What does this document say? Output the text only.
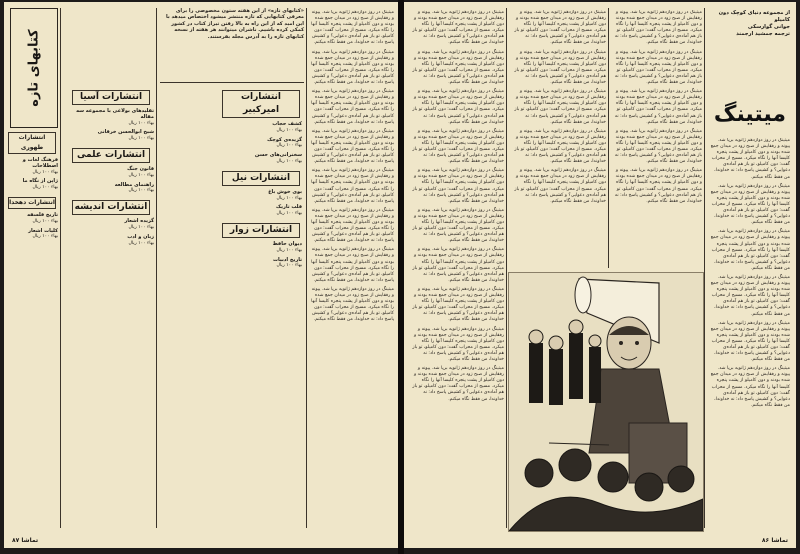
کتابهای تازه
«کتابهای تازه» از این هفته ستون مخصوصی را برای معرفی کتابهایی که تازه منتشر میشود اختصاص میدهد با این امید که از این راه به بالا رفتن تیراژ کتاب در کشور کمکی کرده باشیم. ناشران میتوانند هر هفته از نسخه کتابهای تازه را به آدرس مجله بفرستند.

میتینگ در روز دوازدهم ژانویه برپا شد. پپونه و رفقایش از صبح زود در میدان جمع شده بودند و دون کامیلو از پشت پنجره کلیسا آنها را نگاه میکرد. مسیح از محراب گفت: دون کامیلو، تو باز هم آماده‌ی دعوایی؟ و کشیش پاسخ داد: نه خداوندا، من فقط نگاه میکنم.

میتینگ در روز دوازدهم ژانویه برپا شد. پپونه و رفقایش از صبح زود در میدان جمع شده بودند و دون کامیلو از پشت پنجره کلیسا آنها را نگاه میکرد. مسیح از محراب گفت: دون کامیلو، تو باز هم آماده‌ی دعوایی؟ و کشیش پاسخ داد: نه خداوندا، من فقط نگاه میکنم.

میتینگ در روز دوازدهم ژانویه برپا شد. پپونه و رفقایش از صبح زود در میدان جمع شده بودند و دون کامیلو از پشت پنجره کلیسا آنها را نگاه میکرد. مسیح از محراب گفت: دون کامیلو، تو باز هم آماده‌ی دعوایی؟ و کشیش پاسخ داد: نه خداوندا، من فقط نگاه میکنم.

میتینگ در روز دوازدهم ژانویه برپا شد. پپونه و رفقایش از صبح زود در میدان جمع شده بودند و دون کامیلو از پشت پنجره کلیسا آنها را نگاه میکرد. مسیح از محراب گفت: دون کامیلو، تو باز هم آماده‌ی دعوایی؟ و کشیش پاسخ داد: نه خداوندا، من فقط نگاه میکنم.

میتینگ در روز دوازدهم ژانویه برپا شد. پپونه و رفقایش از صبح زود در میدان جمع شده بودند و دون کامیلو از پشت پنجره کلیسا آنها را نگاه میکرد. مسیح از محراب گفت: دون کامیلو، تو باز هم آماده‌ی دعوایی؟ و کشیش پاسخ داد: نه خداوندا، من فقط نگاه میکنم.

میتینگ در روز دوازدهم ژانویه برپا شد. پپونه و رفقایش از صبح زود در میدان جمع شده بودند و دون کامیلو از پشت پنجره کلیسا آنها را نگاه میکرد. مسیح از محراب گفت: دون کامیلو، تو باز هم آماده‌ی دعوایی؟ و کشیش پاسخ داد: نه خداوندا، من فقط نگاه میکنم.

میتینگ در روز دوازدهم ژانویه برپا شد. پپونه و رفقایش از صبح زود در میدان جمع شده بودند و دون کامیلو از پشت پنجره کلیسا آنها را نگاه میکرد. مسیح از محراب گفت: دون کامیلو، تو باز هم آماده‌ی دعوایی؟ و کشیش پاسخ داد: نه خداوندا، من فقط نگاه میکنم.

میتینگ در روز دوازدهم ژانویه برپا شد. پپونه و رفقایش از صبح زود در میدان جمع شده بودند و دون کامیلو از پشت پنجره کلیسا آنها را نگاه میکرد. مسیح از محراب گفت: دون کامیلو، تو باز هم آماده‌ی دعوایی؟ و کشیش پاسخ داد: نه خداوندا، من فقط نگاه میکنم.

انتشارات امیرکبیر
کشف حجاب
بهاء ۱۰۰ ریال
گزیده‌ی کوچک
بهاء ۱۰۰ ریال
سخنرانی‌های حسن
بهاء ۱۰۰ ریال
انتشارات نیل
بوی خوش باغ
بهاء ۱۰۰ ریال
قلب تاریک
بهاء ۱۰۰ ریال
انتشارات زوار
دیوان حافظ
بهاء ۱۰۰ ریال
تاریخ ادبیات
بهاء ۱۰۰ ریال
انتشارات آسیا
تقلیدهای بولاغی با مجموعه سه مقاله
بهاء ۱۰۰ ریال
شیخ ابوالحسن خرقانی
بهاء ۱۰۰ ریال
انتشارات علمی
قانون جنگ
بهاء ۱۰۰ ریال
راهنمای مطالعه
بهاء ۱۰۰ ریال
انتشارات اندیشه
گزیده اشعار
بهاء ۱۰۰ ریال
زبان و ادب
بهاء ۱۰۰ ریال
انتشارات طهوری
فرهنگ لغات و اصطلاحات
بهاء ۱۰۰ ریال
ژاپن از نگاه ما
بهاء ۱۰۰ ریال
انتشارات دهخدا
تاریخ فلسفه
بهاء ۱۰۰ ریال
کلیات اشعار
بهاء ۱۰۰ ریال
تماشا ۸۷
از مجموعه دنیای کوچک دون کامیلو
جوانی گوارسکی
ترجمه جمشید ارجمند
میتینگ

میتینگ در روز دوازدهم ژانویه برپا شد. پپونه و رفقایش از صبح زود در میدان جمع شده بودند و دون کامیلو از پشت پنجره کلیسا آنها را نگاه میکرد. مسیح از محراب گفت: دون کامیلو، تو باز هم آماده‌ی دعوایی؟ و کشیش پاسخ داد: نه خداوندا، من فقط نگاه میکنم.

میتینگ در روز دوازدهم ژانویه برپا شد. پپونه و رفقایش از صبح زود در میدان جمع شده بودند و دون کامیلو از پشت پنجره کلیسا آنها را نگاه میکرد. مسیح از محراب گفت: دون کامیلو، تو باز هم آماده‌ی دعوایی؟ و کشیش پاسخ داد: نه خداوندا، من فقط نگاه میکنم.

میتینگ در روز دوازدهم ژانویه برپا شد. پپونه و رفقایش از صبح زود در میدان جمع شده بودند و دون کامیلو از پشت پنجره کلیسا آنها را نگاه میکرد. مسیح از محراب گفت: دون کامیلو، تو باز هم آماده‌ی دعوایی؟ و کشیش پاسخ داد: نه خداوندا، من فقط نگاه میکنم.

میتینگ در روز دوازدهم ژانویه برپا شد. پپونه و رفقایش از صبح زود در میدان جمع شده بودند و دون کامیلو از پشت پنجره کلیسا آنها را نگاه میکرد. مسیح از محراب گفت: دون کامیلو، تو باز هم آماده‌ی دعوایی؟ و کشیش پاسخ داد: نه خداوندا، من فقط نگاه میکنم.

میتینگ در روز دوازدهم ژانویه برپا شد. پپونه و رفقایش از صبح زود در میدان جمع شده بودند و دون کامیلو از پشت پنجره کلیسا آنها را نگاه میکرد. مسیح از محراب گفت: دون کامیلو، تو باز هم آماده‌ی دعوایی؟ و کشیش پاسخ داد: نه خداوندا، من فقط نگاه میکنم.

میتینگ در روز دوازدهم ژانویه برپا شد. پپونه و رفقایش از صبح زود در میدان جمع شده بودند و دون کامیلو از پشت پنجره کلیسا آنها را نگاه میکرد. مسیح از محراب گفت: دون کامیلو، تو باز هم آماده‌ی دعوایی؟ و کشیش پاسخ داد: نه خداوندا، من فقط نگاه میکنم.

میتینگ در روز دوازدهم ژانویه برپا شد. پپونه و رفقایش از صبح زود در میدان جمع شده بودند و دون کامیلو از پشت پنجره کلیسا آنها را نگاه میکرد. مسیح از محراب گفت: دون کامیلو، تو باز هم آماده‌ی دعوایی؟ و کشیش پاسخ داد: نه خداوندا، من فقط نگاه میکنم.

میتینگ در روز دوازدهم ژانویه برپا شد. پپونه و رفقایش از صبح زود در میدان جمع شده بودند و دون کامیلو از پشت پنجره کلیسا آنها را نگاه میکرد. مسیح از محراب گفت: دون کامیلو، تو باز هم آماده‌ی دعوایی؟ و کشیش پاسخ داد: نه خداوندا، من فقط نگاه میکنم.

میتینگ در روز دوازدهم ژانویه برپا شد. پپونه و رفقایش از صبح زود در میدان جمع شده بودند و دون کامیلو از پشت پنجره کلیسا آنها را نگاه میکرد. مسیح از محراب گفت: دون کامیلو، تو باز هم آماده‌ی دعوایی؟ و کشیش پاسخ داد: نه خداوندا، من فقط نگاه میکنم.

میتینگ در روز دوازدهم ژانویه برپا شد. پپونه و رفقایش از صبح زود در میدان جمع شده بودند و دون کامیلو از پشت پنجره کلیسا آنها را نگاه میکرد. مسیح از محراب گفت: دون کامیلو، تو باز هم آماده‌ی دعوایی؟ و کشیش پاسخ داد: نه خداوندا، من فقط نگاه میکنم.

میتینگ در روز دوازدهم ژانویه برپا شد. پپونه و رفقایش از صبح زود در میدان جمع شده بودند و دون کامیلو از پشت پنجره کلیسا آنها را نگاه میکرد. مسیح از محراب گفت: دون کامیلو، تو باز هم آماده‌ی دعوایی؟ و کشیش پاسخ داد: نه خداوندا، من فقط نگاه میکنم.

میتینگ در روز دوازدهم ژانویه برپا شد. پپونه و رفقایش از صبح زود در میدان جمع شده بودند و دون کامیلو از پشت پنجره کلیسا آنها را نگاه میکرد. مسیح از محراب گفت: دون کامیلو، تو باز هم آماده‌ی دعوایی؟ و کشیش پاسخ داد: نه خداوندا، من فقط نگاه میکنم.

میتینگ در روز دوازدهم ژانویه برپا شد. پپونه و رفقایش از صبح زود در میدان جمع شده بودند و دون کامیلو از پشت پنجره کلیسا آنها را نگاه میکرد. مسیح از محراب گفت: دون کامیلو، تو باز هم آماده‌ی دعوایی؟ و کشیش پاسخ داد: نه خداوندا، من فقط نگاه میکنم.

میتینگ در روز دوازدهم ژانویه برپا شد. پپونه و رفقایش از صبح زود در میدان جمع شده بودند و دون کامیلو از پشت پنجره کلیسا آنها را نگاه میکرد. مسیح از محراب گفت: دون کامیلو، تو باز هم آماده‌ی دعوایی؟ و کشیش پاسخ داد: نه خداوندا، من فقط نگاه میکنم.

میتینگ در روز دوازدهم ژانویه برپا شد. پپونه و رفقایش از صبح زود در میدان جمع شده بودند و دون کامیلو از پشت پنجره کلیسا آنها را نگاه میکرد. مسیح از محراب گفت: دون کامیلو، تو باز هم آماده‌ی دعوایی؟ و کشیش پاسخ داد: نه خداوندا، من فقط نگاه میکنم.

میتینگ در روز دوازدهم ژانویه برپا شد. پپونه و رفقایش از صبح زود در میدان جمع شده بودند و دون کامیلو از پشت پنجره کلیسا آنها را نگاه میکرد. مسیح از محراب گفت: دون کامیلو، تو باز هم آماده‌ی دعوایی؟ و کشیش پاسخ داد: نه خداوندا، من فقط نگاه میکنم.

میتینگ در روز دوازدهم ژانویه برپا شد. پپونه و رفقایش از صبح زود در میدان جمع شده بودند و دون کامیلو از پشت پنجره کلیسا آنها را نگاه میکرد. مسیح از محراب گفت: دون کامیلو، تو باز هم آماده‌ی دعوایی؟ و کشیش پاسخ داد: نه خداوندا، من فقط نگاه میکنم.

میتینگ در روز دوازدهم ژانویه برپا شد. پپونه و رفقایش از صبح زود در میدان جمع شده بودند و دون کامیلو از پشت پنجره کلیسا آنها را نگاه میکرد. مسیح از محراب گفت: دون کامیلو، تو باز هم آماده‌ی دعوایی؟ و کشیش پاسخ داد: نه خداوندا، من فقط نگاه میکنم.

میتینگ در روز دوازدهم ژانویه برپا شد. پپونه و رفقایش از صبح زود در میدان جمع شده بودند و دون کامیلو از پشت پنجره کلیسا آنها را نگاه میکرد. مسیح از محراب گفت: دون کامیلو، تو باز هم آماده‌ی دعوایی؟ و کشیش پاسخ داد: نه خداوندا، من فقط نگاه میکنم.

میتینگ در روز دوازدهم ژانویه برپا شد. پپونه و رفقایش از صبح زود در میدان جمع شده بودند و دون کامیلو از پشت پنجره کلیسا آنها را نگاه میکرد. مسیح از محراب گفت: دون کامیلو، تو باز هم آماده‌ی دعوایی؟ و کشیش پاسخ داد: نه خداوندا، من فقط نگاه میکنم.

میتینگ در روز دوازدهم ژانویه برپا شد. پپونه و رفقایش از صبح زود در میدان جمع شده بودند و دون کامیلو از پشت پنجره کلیسا آنها را نگاه میکرد. مسیح از محراب گفت: دون کامیلو، تو باز هم آماده‌ی دعوایی؟ و کشیش پاسخ داد: نه خداوندا، من فقط نگاه میکنم.

میتینگ در روز دوازدهم ژانویه برپا شد. پپونه و رفقایش از صبح زود در میدان جمع شده بودند و دون کامیلو از پشت پنجره کلیسا آنها را نگاه میکرد. مسیح از محراب گفت: دون کامیلو، تو باز هم آماده‌ی دعوایی؟ و کشیش پاسخ داد: نه خداوندا، من فقط نگاه میکنم.

میتینگ در روز دوازدهم ژانویه برپا شد. پپونه و رفقایش از صبح زود در میدان جمع شده بودند و دون کامیلو از پشت پنجره کلیسا آنها را نگاه میکرد. مسیح از محراب گفت: دون کامیلو، تو باز هم آماده‌ی دعوایی؟ و کشیش پاسخ داد: نه خداوندا، من فقط نگاه میکنم.

میتینگ در روز دوازدهم ژانویه برپا شد. پپونه و رفقایش از صبح زود در میدان جمع شده بودند و دون کامیلو از پشت پنجره کلیسا آنها را نگاه میکرد. مسیح از محراب گفت: دون کامیلو، تو باز هم آماده‌ی دعوایی؟ و کشیش پاسخ داد: نه خداوندا، من فقط نگاه میکنم.

میتینگ در روز دوازدهم ژانویه برپا شد. پپونه و رفقایش از صبح زود در میدان جمع شده بودند و دون کامیلو از پشت پنجره کلیسا آنها را نگاه میکرد. مسیح از محراب گفت: دون کامیلو، تو باز هم آماده‌ی دعوایی؟ و کشیش پاسخ داد: نه خداوندا، من فقط نگاه میکنم.

میتینگ در روز دوازدهم ژانویه برپا شد. پپونه و رفقایش از صبح زود در میدان جمع شده بودند و دون کامیلو از پشت پنجره کلیسا آنها را نگاه میکرد. مسیح از محراب گفت: دون کامیلو، تو باز هم آماده‌ی دعوایی؟ و کشیش پاسخ داد: نه خداوندا، من فقط نگاه میکنم.

۸۶ تماشا
